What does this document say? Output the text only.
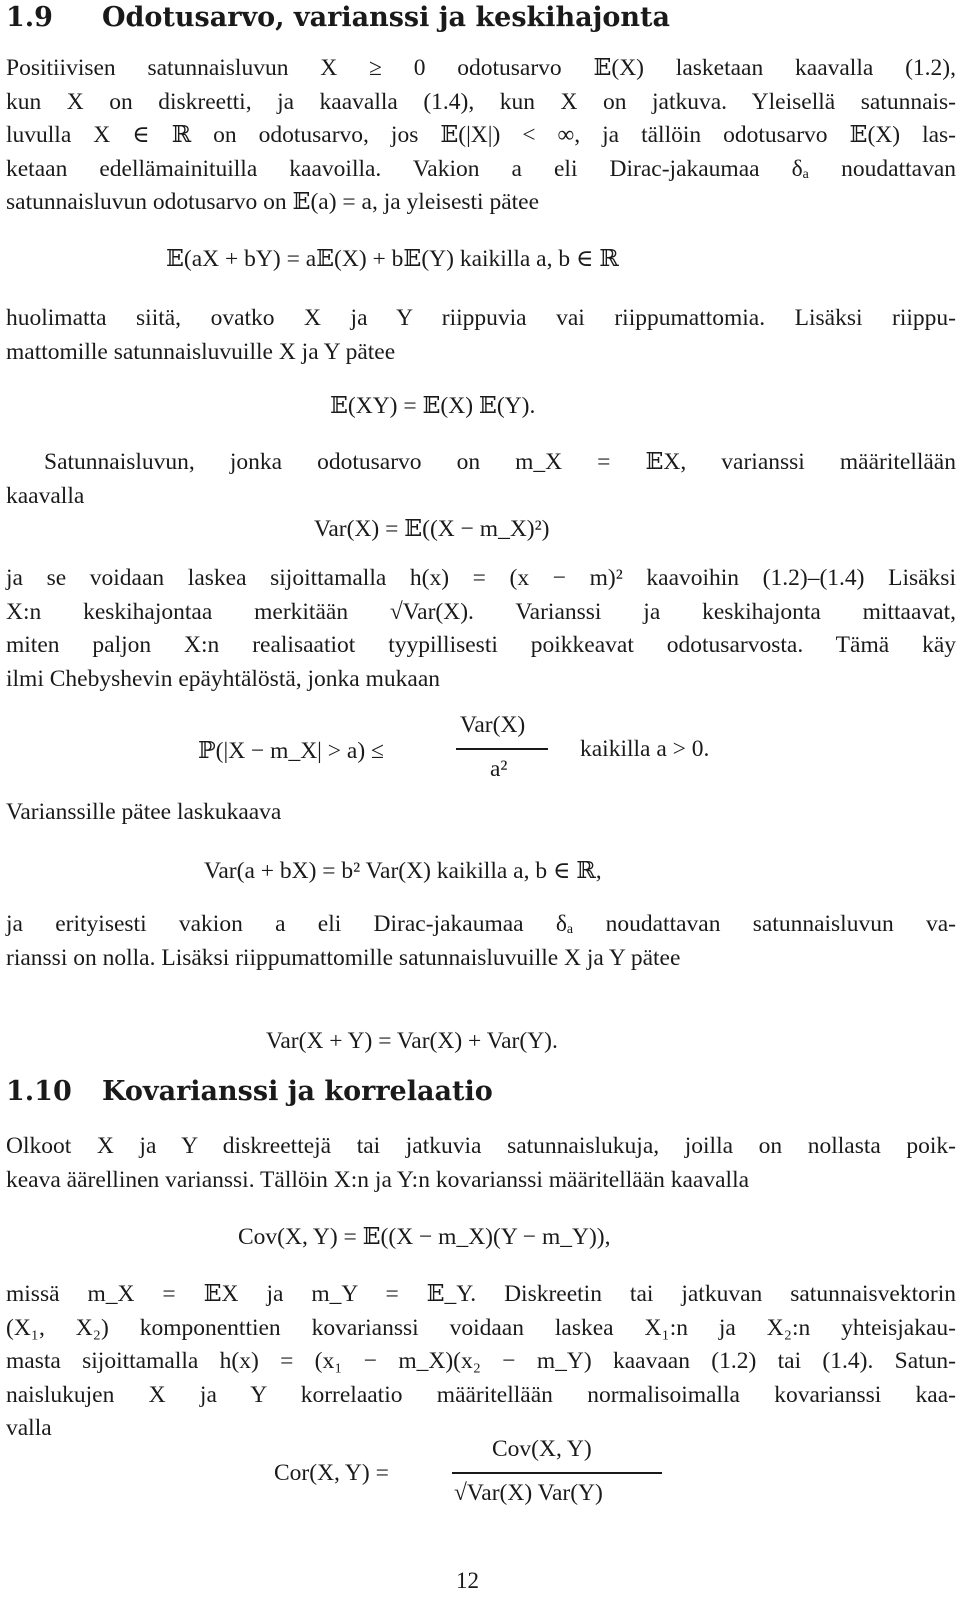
1.9 Odotusarvo, varianssi ja keskihajonta
Positiivisen satunnaisluvun X ≥ 0 odotusarvo 𝔼(X) lasketaan kaavalla (1.2),
kun X on diskreetti, ja kaavalla (1.4), kun X on jatkuva. Yleisellä satunnais-
luvulla X ∈ ℝ on odotusarvo, jos 𝔼(|X|) < ∞, ja tällöin odotusarvo 𝔼(X) las-
ketaan edellämainituilla kaavoilla. Vakion a eli Dirac-jakaumaa δₐ noudattavan
satunnaisluvun odotusarvo on 𝔼(a) = a, ja yleisesti pätee
𝔼(aX + bY) = a𝔼(X) + b𝔼(Y) kaikilla a, b ∈ ℝ
huolimatta siitä, ovatko X ja Y riippuvia vai riippumattomia. Lisäksi riippu-
mattomille satunnaisluvuille X ja Y pätee
𝔼(XY) = 𝔼(X) 𝔼(Y).
Satunnaisluvun, jonka odotusarvo on m_X = 𝔼X, varianssi määritellään
kaavalla
Var(X) = 𝔼((X − m_X)²)
ja se voidaan laskea sijoittamalla h(x) = (x − m)² kaavoihin (1.2)–(1.4) Lisäksi
X:n keskihajontaa merkitään √Var(X). Varianssi ja keskihajonta mittaavat,
miten paljon X:n realisaatiot tyypillisesti poikkeavat odotusarvosta. Tämä käy
ilmi Chebyshevin epäyhtälöstä, jonka mukaan
ℙ(|X − m_X| > a) ≤
Var(X)
a²
kaikilla a > 0.
Varianssille pätee laskukaava
Var(a + bX) = b² Var(X) kaikilla a, b ∈ ℝ,
ja erityisesti vakion a eli Dirac-jakaumaa δₐ noudattavan satunnaisluvun va-
rianssi on nolla. Lisäksi riippumattomille satunnaisluvuille X ja Y pätee
Var(X + Y) = Var(X) + Var(Y).
1.10 Kovarianssi ja korrelaatio
Olkoot X ja Y diskreettejä tai jatkuvia satunnaislukuja, joilla on nollasta poik-
keava äärellinen varianssi. Tällöin X:n ja Y:n kovarianssi määritellään kaavalla
Cov(X, Y) = 𝔼((X − m_X)(Y − m_Y)),
missä m_X = 𝔼X ja m_Y = 𝔼_Y. Diskreetin tai jatkuvan satunnaisvektorin
(X₁, X₂) komponenttien kovarianssi voidaan laskea X₁:n ja X₂:n yhteisjakau-
masta sijoittamalla h(x) = (x₁ − m_X)(x₂ − m_Y) kaavaan (1.2) tai (1.4). Satun-
naislukujen X ja Y korrelaatio määritellään normalisoimalla kovarianssi kaa-
valla
Cor(X, Y) =
Cov(X, Y)
√Var(X) Var(Y)
12
